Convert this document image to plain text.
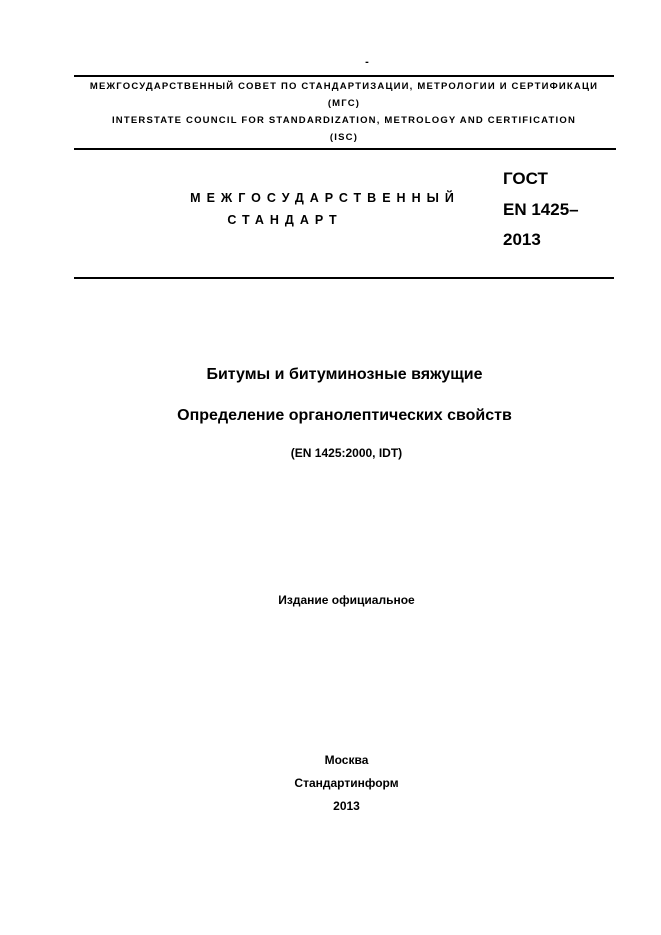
-
МЕЖГОСУДАРСТВЕННЫЙ СОВЕТ ПО СТАНДАРТИЗАЦИИ, МЕТРОЛОГИИ И СЕРТИФИКАЦИ
(МГС)
INTERSTATE COUNCIL FOR STANDARDIZATION, METROLOGY AND CERTIFICATION
(ISC)
МЕЖГОСУДАРСТВЕННЫЙ
СТАНДАРТ
ГОСТ
EN 1425–
2013
Битумы и битуминозные вяжущие
Определение органолептических свойств
(EN 1425:2000, IDT)
Издание официальное
Москва
Стандартинформ
2013
